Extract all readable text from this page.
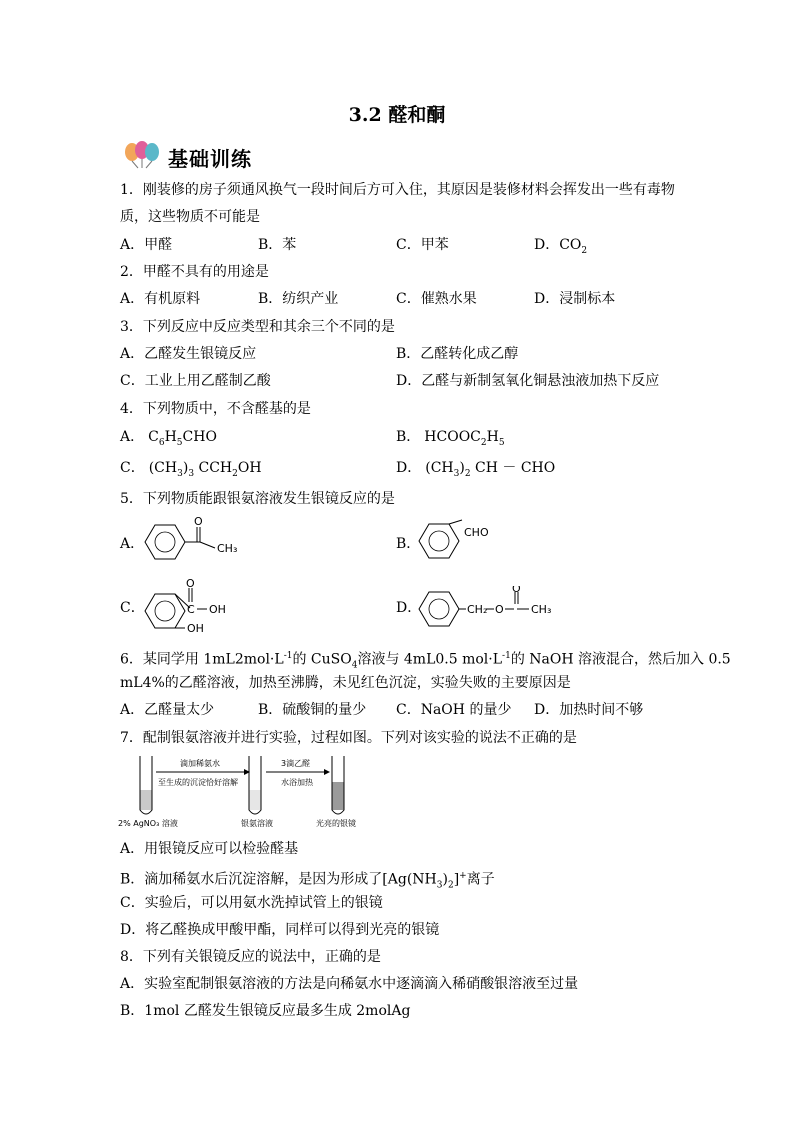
3.2 醛和酮
基础训练
1．刚装修的房子须通风换气一段时间后方可入住，其原因是装修材料会挥发出一些有毒物
质，这些物质不可能是
A．甲醛	B．苯	C．甲苯	D．$CO_2$
2．甲醛不具有的用途是
A．有机原料	B．纺织产业	C．催熟水果	D．浸制标本
3．下列反应中反应类型和其余三个不同的是
A．乙醛发生银镜反应	B．乙醛转化成乙醇
C．工业上用乙醛制乙酸	D．乙醛与新制氢氧化铜悬浊液加热下反应
4．下列物质中，不含醛基的是
A． $C_6H_5CHO$	B． $HCOOC_2H_5$
C． $(CH_3)_3$ $CCH_2OH$	D． $(CH_3)_2$ CH － CHO
5．下列物质能跟银氨溶液发生银镜反应的是
A．
O
CH₃	B．
CHO
C．	C
O
OH
OH
D．	CH₂ O
O
CH₃
6．某同学用 $1mL2mol\cdot L^{-1}$的 CuSO$_4$溶液与 4mL0.5 $mol\cdot L^{-1}$的 NaOH 溶液混合，然后加入 0.5
mL4%的乙醛溶液，加热至沸腾，未见红色沉淀，实验失败的主要原因是
A．乙醛量太少	B．硫酸铜的量少 C．NaOH 的量少 D．加热时间不够
7．配制银氨溶液并进行实验，过程如图。下列对该实验的说法不正确的是
滴加稀氨水
至生成的沉淀恰好溶解
3滴乙醛
水浴加热
2% AgNO₃ 溶液	银氨溶液	光亮的银镜
A．用银镜反应可以检验醛基
B．滴加稀氨水后沉淀溶解，是因为形成了$[Ag(NH_3)_2]^+$离子
C．实验后，可以用氨水洗掉试管上的银镜
D．将乙醛换成甲酸甲酯，同样可以得到光亮的银镜
8．下列有关银镜反应的说法中，正确的是
A．实验室配制银氨溶液的方法是向稀氨水中逐滴滴入稀硝酸银溶液至过量
B．1mol 乙醛发生银镜反应最多生成 2molAg
